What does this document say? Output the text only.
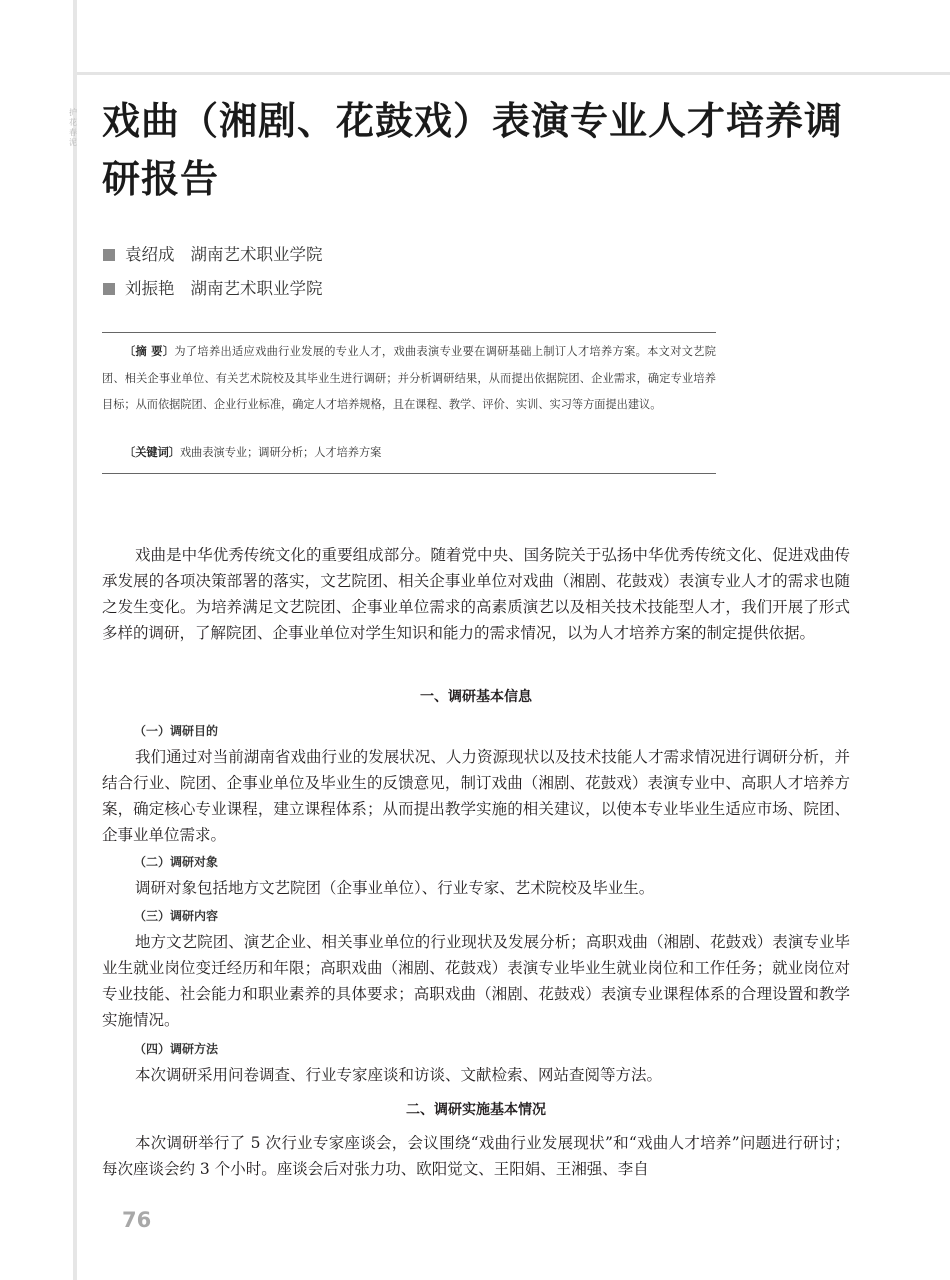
护花春泥 戏曲（湘剧、花鼓戏）表演专业人才培养调研报告
袁绍成 湖南艺术职业学院
刘振艳 湖南艺术职业学院

〔摘 要〕为了培养出适应戏曲行业发展的专业人才，戏曲表演专业要在调研基础上制订人才培养方案。本文对文艺院团、相关企事业单位、有关艺术院校及其毕业生进行调研；并分析调研结果，从而提出依据院团、企业需求，确定专业培养目标；从而依据院团、企业行业标准，确定人才培养规格，且在课程、教学、评价、实训、实习等方面提出建议。

〔关键词〕戏曲表演专业；调研分析；人才培养方案

戏曲是中华优秀传统文化的重要组成部分。随着党中央、国务院关于弘扬中华优秀传统文化、促进戏曲传承发展的各项决策部署的落实，文艺院团、相关企事业单位对戏曲（湘剧、花鼓戏）表演专业人才的需求也随之发生变化。为培养满足文艺院团、企事业单位需求的高素质演艺以及相关技术技能型人才，我们开展了形式多样的调研，了解院团、企事业单位对学生知识和能力的需求情况，以为人才培养方案的制定提供依据。

一、调研基本信息
（一）调研目的

我们通过对当前湖南省戏曲行业的发展状况、人力资源现状以及技术技能人才需求情况进行调研分析，并结合行业、院团、企事业单位及毕业生的反馈意见，制订戏曲（湘剧、花鼓戏）表演专业中、高职人才培养方案，确定核心专业课程，建立课程体系；从而提出教学实施的相关建议，以使本专业毕业生适应市场、院团、企事业单位需求。

（二）调研对象

调研对象包括地方文艺院团（企事业单位）、行业专家、艺术院校及毕业生。

（三）调研内容

地方文艺院团、演艺企业、相关事业单位的行业现状及发展分析；高职戏曲（湘剧、花鼓戏）表演专业毕业生就业岗位变迁经历和年限；高职戏曲（湘剧、花鼓戏）表演专业毕业生就业岗位和工作任务；就业岗位对专业技能、社会能力和职业素养的具体要求；高职戏曲（湘剧、花鼓戏）表演专业课程体系的合理设置和教学实施情况。

（四）调研方法

本次调研采用问卷调查、行业专家座谈和访谈、文献检索、网站查阅等方法。

二、调研实施基本情况

本次调研举行了 5 次行业专家座谈会，会议围绕“戏曲行业发展现状”和“戏曲人才培养”问题进行研讨；每次座谈会约 3 个小时。座谈会后对张力功、欧阳觉文、王阳娟、王湘强、李自

76
